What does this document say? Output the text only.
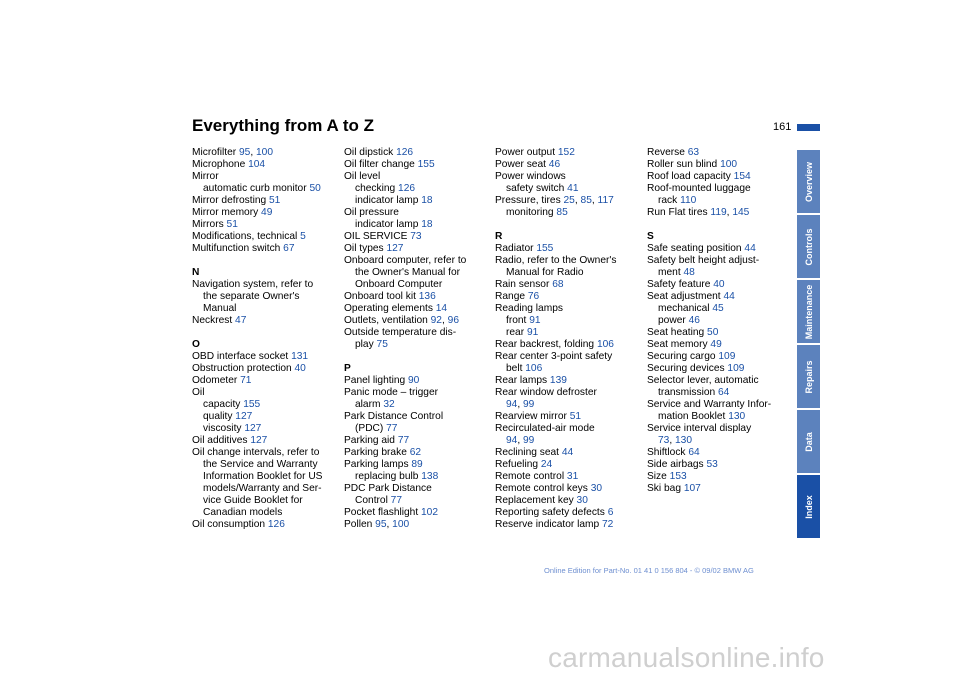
Everything from A to Z	161
Microfilter 95, 100
Microphone 104
Mirror
automatic curb monitor 50
Mirror defrosting 51
Mirror memory 49
Mirrors 51
Modifications, technical 5
Multifunction switch 67
N
Navigation system, refer to
the separate Owner's
Manual
Neckrest 47
O
OBD interface socket 131
Obstruction protection 40
Odometer 71
Oil
capacity 155
quality 127
viscosity 127
Oil additives 127
Oil change intervals, refer to
the Service and Warranty
Information Booklet for US
models/Warranty and Ser-
vice Guide Booklet for
Canadian models
Oil consumption 126
Oil dipstick 126
Oil filter change 155
Oil level
checking 126
indicator lamp 18
Oil pressure
indicator lamp 18
OIL SERVICE 73
Oil types 127
Onboard computer, refer to
the Owner's Manual for
Onboard Computer
Onboard tool kit 136
Operating elements 14
Outlets, ventilation 92, 96
Outside temperature dis-
play 75
P
Panel lighting 90
Panic mode – trigger
alarm 32
Park Distance Control
(PDC) 77
Parking aid 77
Parking brake 62
Parking lamps 89
replacing bulb 138
PDC Park Distance
Control 77
Pocket flashlight 102
Pollen 95, 100
Power output 152
Power seat 46
Power windows
safety switch 41
Pressure, tires 25, 85, 117
monitoring 85
R
Radiator 155
Radio, refer to the Owner's
Manual for Radio
Rain sensor 68
Range 76
Reading lamps
front 91
rear 91
Rear backrest, folding 106
Rear center 3-point safety
belt 106
Rear lamps 139
Rear window defroster
94, 99
Rearview mirror 51
Recirculated-air mode
94, 99
Reclining seat 44
Refueling 24
Remote control 31
Remote control keys 30
Replacement key 30
Reporting safety defects 6
Reserve indicator lamp 72
Reverse 63
Roller sun blind 100
Roof load capacity 154
Roof-mounted luggage
rack 110
Run Flat tires 119, 145
S
Safe seating position 44
Safety belt height adjust-
ment 48
Safety feature 40
Seat adjustment 44
mechanical 45
power 46
Seat heating 50
Seat memory 49
Securing cargo 109
Securing devices 109
Selector lever, automatic
transmission 64
Service and Warranty Infor-
mation Booklet 130
Service interval display
73, 130
Shiftlock 64
Side airbags 53
Size 153
Ski bag 107
Overview
Controls
Maintenance
Repairs
Data
Index
Online Edition for Part-No. 01 41 0 156 804 - © 09/02 BMW AG
carmanualsonline.info
